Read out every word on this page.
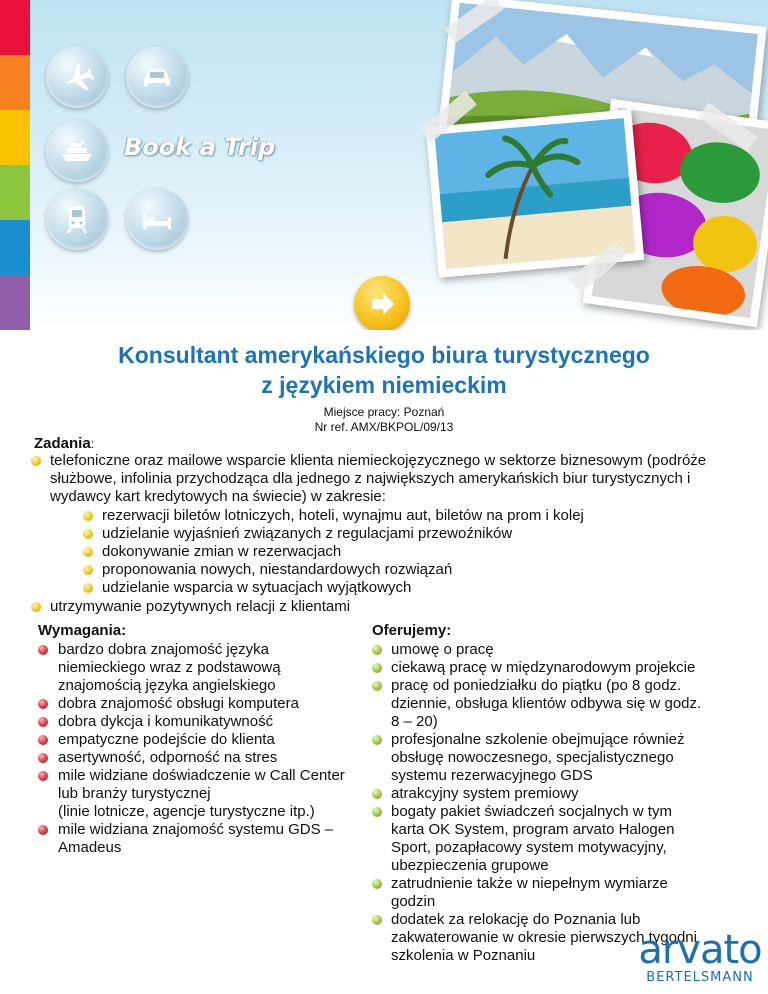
Book a Trip
Konsultant amerykańskiego biura turystycznego
z językiem niemieckim
Miejsce pracy: Poznań
Nr ref. AMX/BKPOL/09/13
Zadania:
telefoniczne oraz mailowe wsparcie klienta niemieckojęzycznego w sektorze biznesowym (podróże
służbowe, infolinia przychodząca dla jednego z największych amerykańskich biur turystycznych i
wydawcy kart kredytowych na świecie) w zakresie:
rezerwacji biletów lotniczych, hoteli, wynajmu aut, biletów na prom i kolej
udzielanie wyjaśnień związanych z regulacjami przewoźników
dokonywanie zmian w rezerwacjach
proponowania nowych, niestandardowych rozwiązań
udzielanie wsparcia w sytuacjach wyjątkowych
utrzymywanie pozytywnych relacji z klientami
Wymagania:
bardzo dobra znajomość języka
niemieckiego wraz z podstawową
znajomością języka angielskiego
dobra znajomość obsługi komputera
dobra dykcja i komunikatywność
empatyczne podejście do klienta
asertywność, odporność na stres
mile widziane doświadczenie w Call Center
lub branży turystycznej
(linie lotnicze, agencje turystyczne itp.)
mile widziana znajomość systemu GDS –
Amadeus
Oferujemy:
umowę o pracę
ciekawą pracę w międzynarodowym projekcie
pracę od poniedziałku do piątku (po 8 godz.
dziennie, obsługa klientów odbywa się w godz.
8 – 20)
profesjonalne szkolenie obejmujące również
obsługę nowoczesnego, specjalistycznego
systemu rezerwacyjnego GDS
atrakcyjny system premiowy
bogaty pakiet świadczeń socjalnych w tym
karta OK System, program arvato Halogen
Sport, pozapłacowy system motywacyjny,
ubezpieczenia grupowe
zatrudnienie także w niepełnym wymiarze
godzin
dodatek za relokację do Poznania lub
zakwaterowanie w okresie pierwszych tygodni
szkolenia w Poznaniu	arvato
BERTELSMANN
